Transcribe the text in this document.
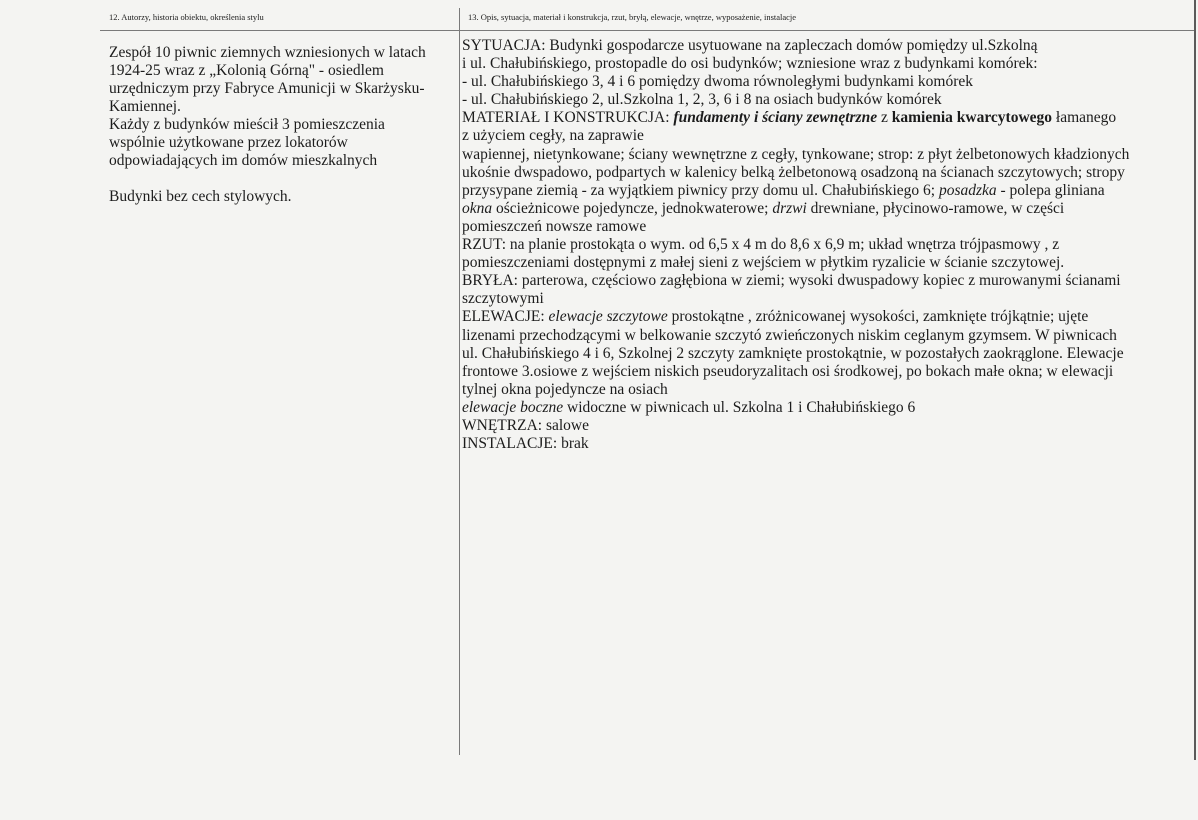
12. Autorzy, historia obiektu, określenia stylu	13. Opis, sytuacja, materiał i konstrukcja, rzut, bryłą, elewacje, wnętrze, wyposażenie, instalacje

Zespół 10 piwnic ziemnych wzniesionych w latach

1924-25 wraz z „Kolonią Górną" - osiedlem

urzędniczym przy Fabryce Amunicji w Skarżysku-

Kamiennej.

Każdy z budynków mieścił 3 pomieszczenia

wspólnie użytkowane przez lokatorów

odpowiadających im domów mieszkalnych

Budynki bez cech stylowych.

SYTUACJA: Budynki gospodarcze usytuowane na zapleczach domów pomiędzy ul.Szkolną
i ul. Chałubińskiego, prostopadle do osi budynków; wzniesione wraz z budynkami komórek:
- ul. Chałubińskiego 3, 4 i 6 pomiędzy dwoma równoległymi budynkami komórek
- ul. Chałubińskiego 2, ul.Szkolna 1, 2, 3, 6 i 8 na osiach budynków komórek
MATERIAŁ I KONSTRUKCJA: fundamenty i ściany zewnętrzne z kamienia kwarcytowego łamanego
z użyciem cegły, na zaprawie
wapiennej, nietynkowane; ściany wewnętrzne z cegły, tynkowane; strop: z płyt żelbetonowych kładzionych
ukośnie dwspadowo, podpartych w kalenicy belką żelbetonową osadzoną na ścianach szczytowych; stropy
przysypane ziemią - za wyjątkiem piwnicy przy domu ul. Chałubińskiego 6; posadzka - polepa gliniana
okna ościeżnicowe pojedyncze, jednokwaterowe; drzwi drewniane, płycinowo-ramowe, w części
pomieszczeń nowsze ramowe
RZUT: na planie prostokąta o wym. od 6,5 x 4 m do 8,6 x 6,9 m; układ wnętrza trójpasmowy , z
pomieszczeniami dostępnymi z małej sieni z wejściem w płytkim ryzalicie w ścianie szczytowej.
BRYŁA: parterowa, częściowo zagłębiona w ziemi; wysoki dwuspadowy kopiec z murowanymi ścianami
szczytowymi
ELEWACJE: elewacje szczytowe prostokątne , zróżnicowanej wysokości, zamknięte trójkątnie; ujęte
lizenami przechodzącymi w belkowanie szczytó zwieńczonych niskim ceglanym gzymsem. W piwnicach
ul. Chałubińskiego 4 i 6, Szkolnej 2 szczyty zamknięte prostokątnie, w pozostałych zaokrąglone. Elewacje
frontowe 3.osiowe z wejściem niskich pseudoryzalitach osi środkowej, po bokach małe okna; w elewacji
tylnej okna pojedyncze na osiach
elewacje boczne widoczne w piwnicach ul. Szkolna 1 i Chałubińskiego 6
WNĘTRZA: salowe
INSTALACJE: brak
